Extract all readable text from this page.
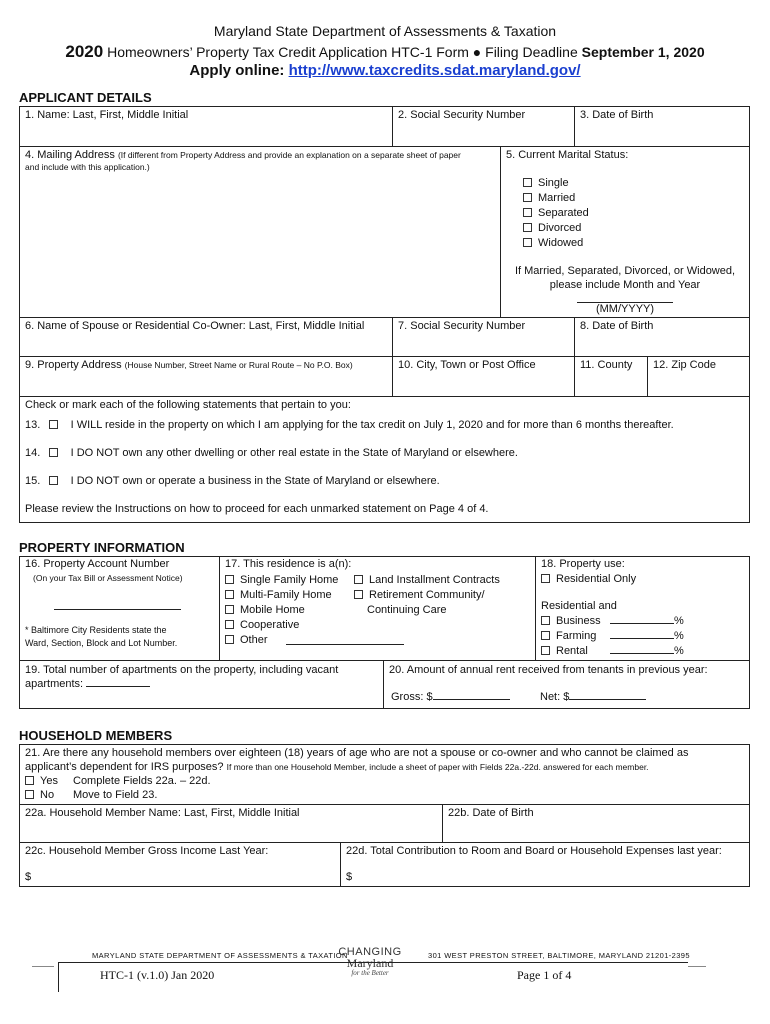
Maryland State Department of Assessments & Taxation
2020 Homeowners’ Property Tax Credit Application HTC-1 Form ● Filing Deadline September 1, 2020
Apply online: http://www.taxcredits.sdat.maryland.gov/
APPLICANT DETAILS
1. Name: Last, First, Middle Initial	2. Social Security Number	3. Date of Birth
4. Mailing Address (If different from Property Address and provide an explanation on a separate sheet of paper
and include with this application.)
5. Current Marital Status:
Single
Married
Separated
Divorced
Widowed
If Married, Separated, Divorced, or Widowed,
please include Month and Year
(MM/YYYY)
6. Name of Spouse or Residential Co-Owner: Last, First, Middle Initial	7. Social Security Number	8. Date of Birth
9. Property Address (House Number, Street Name or Rural Route – No P.O. Box)	10. City, Town or Post Office	11. County 12. Zip Code
Check or mark each of the following statements that pertain to you:
13.	I WILL reside in the property on which I am applying for the tax credit on July 1, 2020 and for more than 6 months thereafter.
14.	I DO NOT own any other dwelling or other real estate in the State of Maryland or elsewhere.
15.	I DO NOT own or operate a business in the State of Maryland or elsewhere.
Please review the Instructions on how to proceed for each unmarked statement on Page 4 of 4.
PROPERTY INFORMATION
16. Property Account Number
(On your Tax Bill or Assessment Notice)
* Baltimore City Residents state the
Ward, Section, Block and Lot Number.
17. This residence is a(n):
Single Family Home
Multi-Family Home
Mobile Home
Cooperative
Other
Land Installment Contracts
Retirement Community/
Continuing Care
18. Property use:
Residential Only
Residential and
Business	%
Farming	%
Rental	%
19. Total number of apartments on the property, including vacant
apartments:
20. Amount of annual rent received from tenants in previous year:
Gross: $	Net: $
HOUSEHOLD MEMBERS
21. Are there any household members over eighteen (18) years of age who are not a spouse or co-owner and who cannot be claimed as
applicant’s dependent for IRS purposes? If more than one Household Member, include a sheet of paper with Fields 22a.-22d. answered for each member.
Yes Complete Fields 22a. – 22d.
No Move to Field 23.
22a. Household Member Name: Last, First, Middle Initial	22b. Date of Birth
22c. Household Member Gross Income Last Year:	22d. Total Contribution to Room and Board or Household Expenses last year:
$	$
MARYLAND STATE DEPARTMENT OF ASSESSMENTS & TAXATION
CHANGING
Maryland
for the Better
301 WEST PRESTON STREET, BALTIMORE, MARYLAND 21201-2395
HTC-1 (v.1.0) Jan 2020	Page 1 of 4
